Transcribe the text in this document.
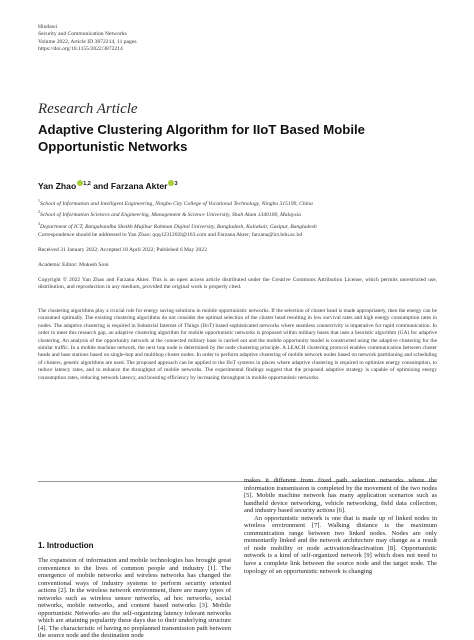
Hindawi
Security and Communication Networks
Volume 2022, Article ID 3872214, 11 pages
https://doi.org/10.1155/2022/3872214
Research Article
Adaptive Clustering Algorithm for IIoT Based Mobile Opportunistic Networks
Yan Zhao $^{1,2}$ and Farzana Akter $^3$
$^1$School of Information and Intelligent Engineering, Ningbo City College of Vocational Technology, Ningbo 315199, China
$^2$School of Information Sciences and Engineering, Management & Science University, Shah Alam 1340100, Malaysia
$^3$Department of ICT, Bangabandhu Sheikh Mujibur Rahman Digital University, Bangladesh, Kaliakair, Gazipur, Bangladesh
Correspondence should be addressed to Yan Zhao; qqq1231202l@163.com and Farzana Akter; farzana@ict.bdu.ac.bd
Received 31 January 2022; Accepted 18 April 2022; Published 6 May 2022
Academic Editor: Mukesh Soni
Copyright © 2022 Yan Zhao and Farzana Akter. This is an open access article distributed under the Creative Commons Attribution License, which permits unrestricted use, distribution, and reproduction in any medium, provided the original work is properly cited.
The clustering algorithms play a crucial role for energy saving solutions in mobile opportunistic networks. If the selection of cluster head is made appropriately, then the energy can be consumed optimally. The existing clustering algorithms do not consider the optimal selection of the cluster head resulting in low survival rates and high energy consumption rates in nodes. The adaptive clustering is required in Industrial Internet of Things (IIoT) based sophisticated networks where seamless connectivity is imperative for rapid communication. In order to meet this research gap, an adaptive clustering algorithm for mobile opportunistic networks is proposed within military bases that uses a heuristic algorithm (GA) for adaptive clustering. An analysis of the opportunity network at the connected military base is carried out and the mobile opportunity model is constructed using the adaptive clustering for the similar traffic. In a mobile machine network, the next hop node is determined by the node clustering principle. A LEACH clustering protocol enables communication between cluster heads and base stations based on single-hop and multihop cluster nodes. In order to perform adaptive clustering of mobile network nodes based on network partitioning and scheduling of clusters, genetic algorithms are used. The proposed approach can be applied to the IIoT systems in places where adaptive clustering is required to optimize energy consumption, to reduce latency rates, and to enhance the throughput of mobile networks. The experimental findings suggest that the proposed adaptive strategy is capable of optimizing energy consumption rates, reducing network latency, and boosting efficiency by increasing throughput in mobile opportunistic networks.
1. Introduction
The expansion of information and mobile technologies has brought great convenience to the lives of common people and industry [1]. The emergence of mobile networks and wireless networks has changed the conventional ways of industry systems to perform security oriented actions [2]. In the wireless network environment, there are many types of networks such as wireless sensor networks, ad hoc networks, social networks, mobile networks, and content based networks [3]. Mobile opportunistic Networks are the self-organizing latency tolerant networks which are attaining popularity these days due to their underlying structure [4]. The characteristic of having no preplanned transmission path between the source node and the destination node
makes it different from fixed path selection networks where the information transmission is completed by the movement of the two nodes [5]. Mobile machine network has many application scenarios such as handheld device networking, vehicle networking, field data collection, and industry based security actions [6].
An opportunistic network is one that is made up of linked nodes in wireless environment [7]. Walking distance is the maximum communication range between two linked nodes. Nodes are only momentarily linked and the network architecture may change as a result of node mobility or node activation/deactivation [8]. Opportunistic network is a kind of self-organized network [9] which does not need to have a complete link between the source node and the target node. The topology of an opportunistic network is changing
